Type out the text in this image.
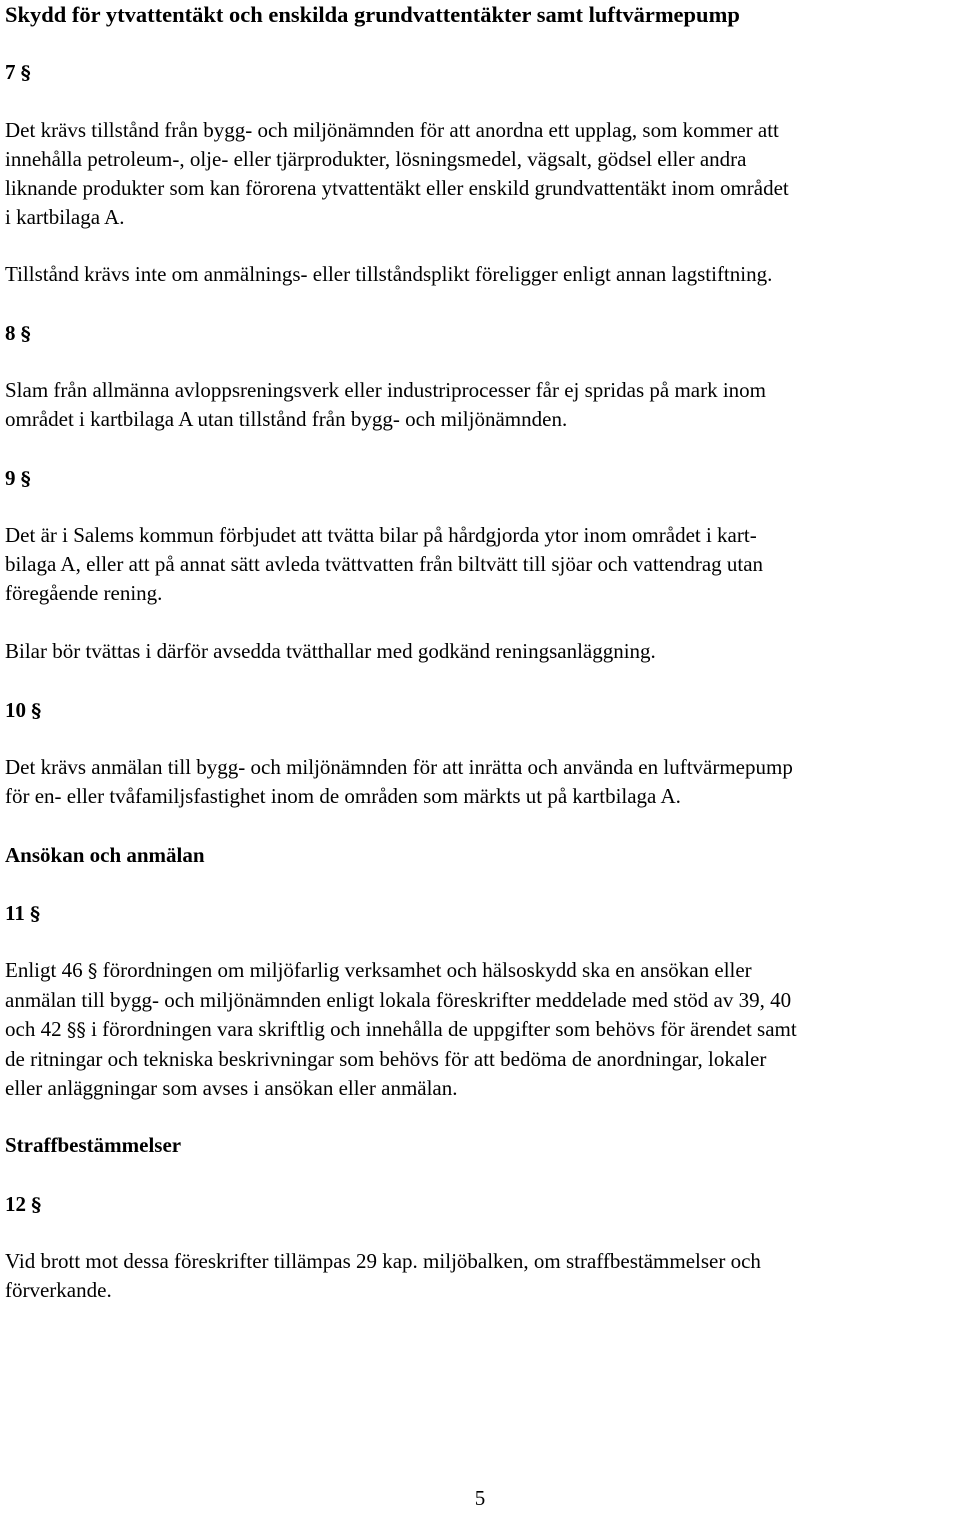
Skydd för ytvattentäkt och enskilda grundvattentäkter samt luftvärmepump
7 §
Det krävs tillstånd från bygg- och miljönämnden för att anordna ett upplag, som kommer att
innehålla petroleum-, olje- eller tjärprodukter, lösningsmedel, vägsalt, gödsel eller andra
liknande produkter som kan förorena ytvattentäkt eller enskild grundvattentäkt inom området
i kartbilaga A.
Tillstånd krävs inte om anmälnings- eller tillståndsplikt föreligger enligt annan lagstiftning.
8 §
Slam från allmänna avloppsreningsverk eller industriprocesser får ej spridas på mark inom
området i kartbilaga A utan tillstånd från bygg- och miljönämnden.
9 §
Det är i Salems kommun förbjudet att tvätta bilar på hårdgjorda ytor inom området i kart-
bilaga A, eller att på annat sätt avleda tvättvatten från biltvätt till sjöar och vattendrag utan
föregående rening.
Bilar bör tvättas i därför avsedda tvätthallar med godkänd reningsanläggning.
10 §
Det krävs anmälan till bygg- och miljönämnden för att inrätta och använda en luftvärmepump
för en- eller tvåfamiljsfastighet inom de områden som märkts ut på kartbilaga A.
Ansökan och anmälan
11 §
Enligt 46 § förordningen om miljöfarlig verksamhet och hälsoskydd ska en ansökan eller
anmälan till bygg- och miljönämnden enligt lokala föreskrifter meddelade med stöd av 39, 40
och 42 §§ i förordningen vara skriftlig och innehålla de uppgifter som behövs för ärendet samt
de ritningar och tekniska beskrivningar som behövs för att bedöma de anordningar, lokaler
eller anläggningar som avses i ansökan eller anmälan.
Straffbestämmelser
12 §
Vid brott mot dessa föreskrifter tillämpas 29 kap. miljöbalken, om straffbestämmelser och
förverkande.
5
